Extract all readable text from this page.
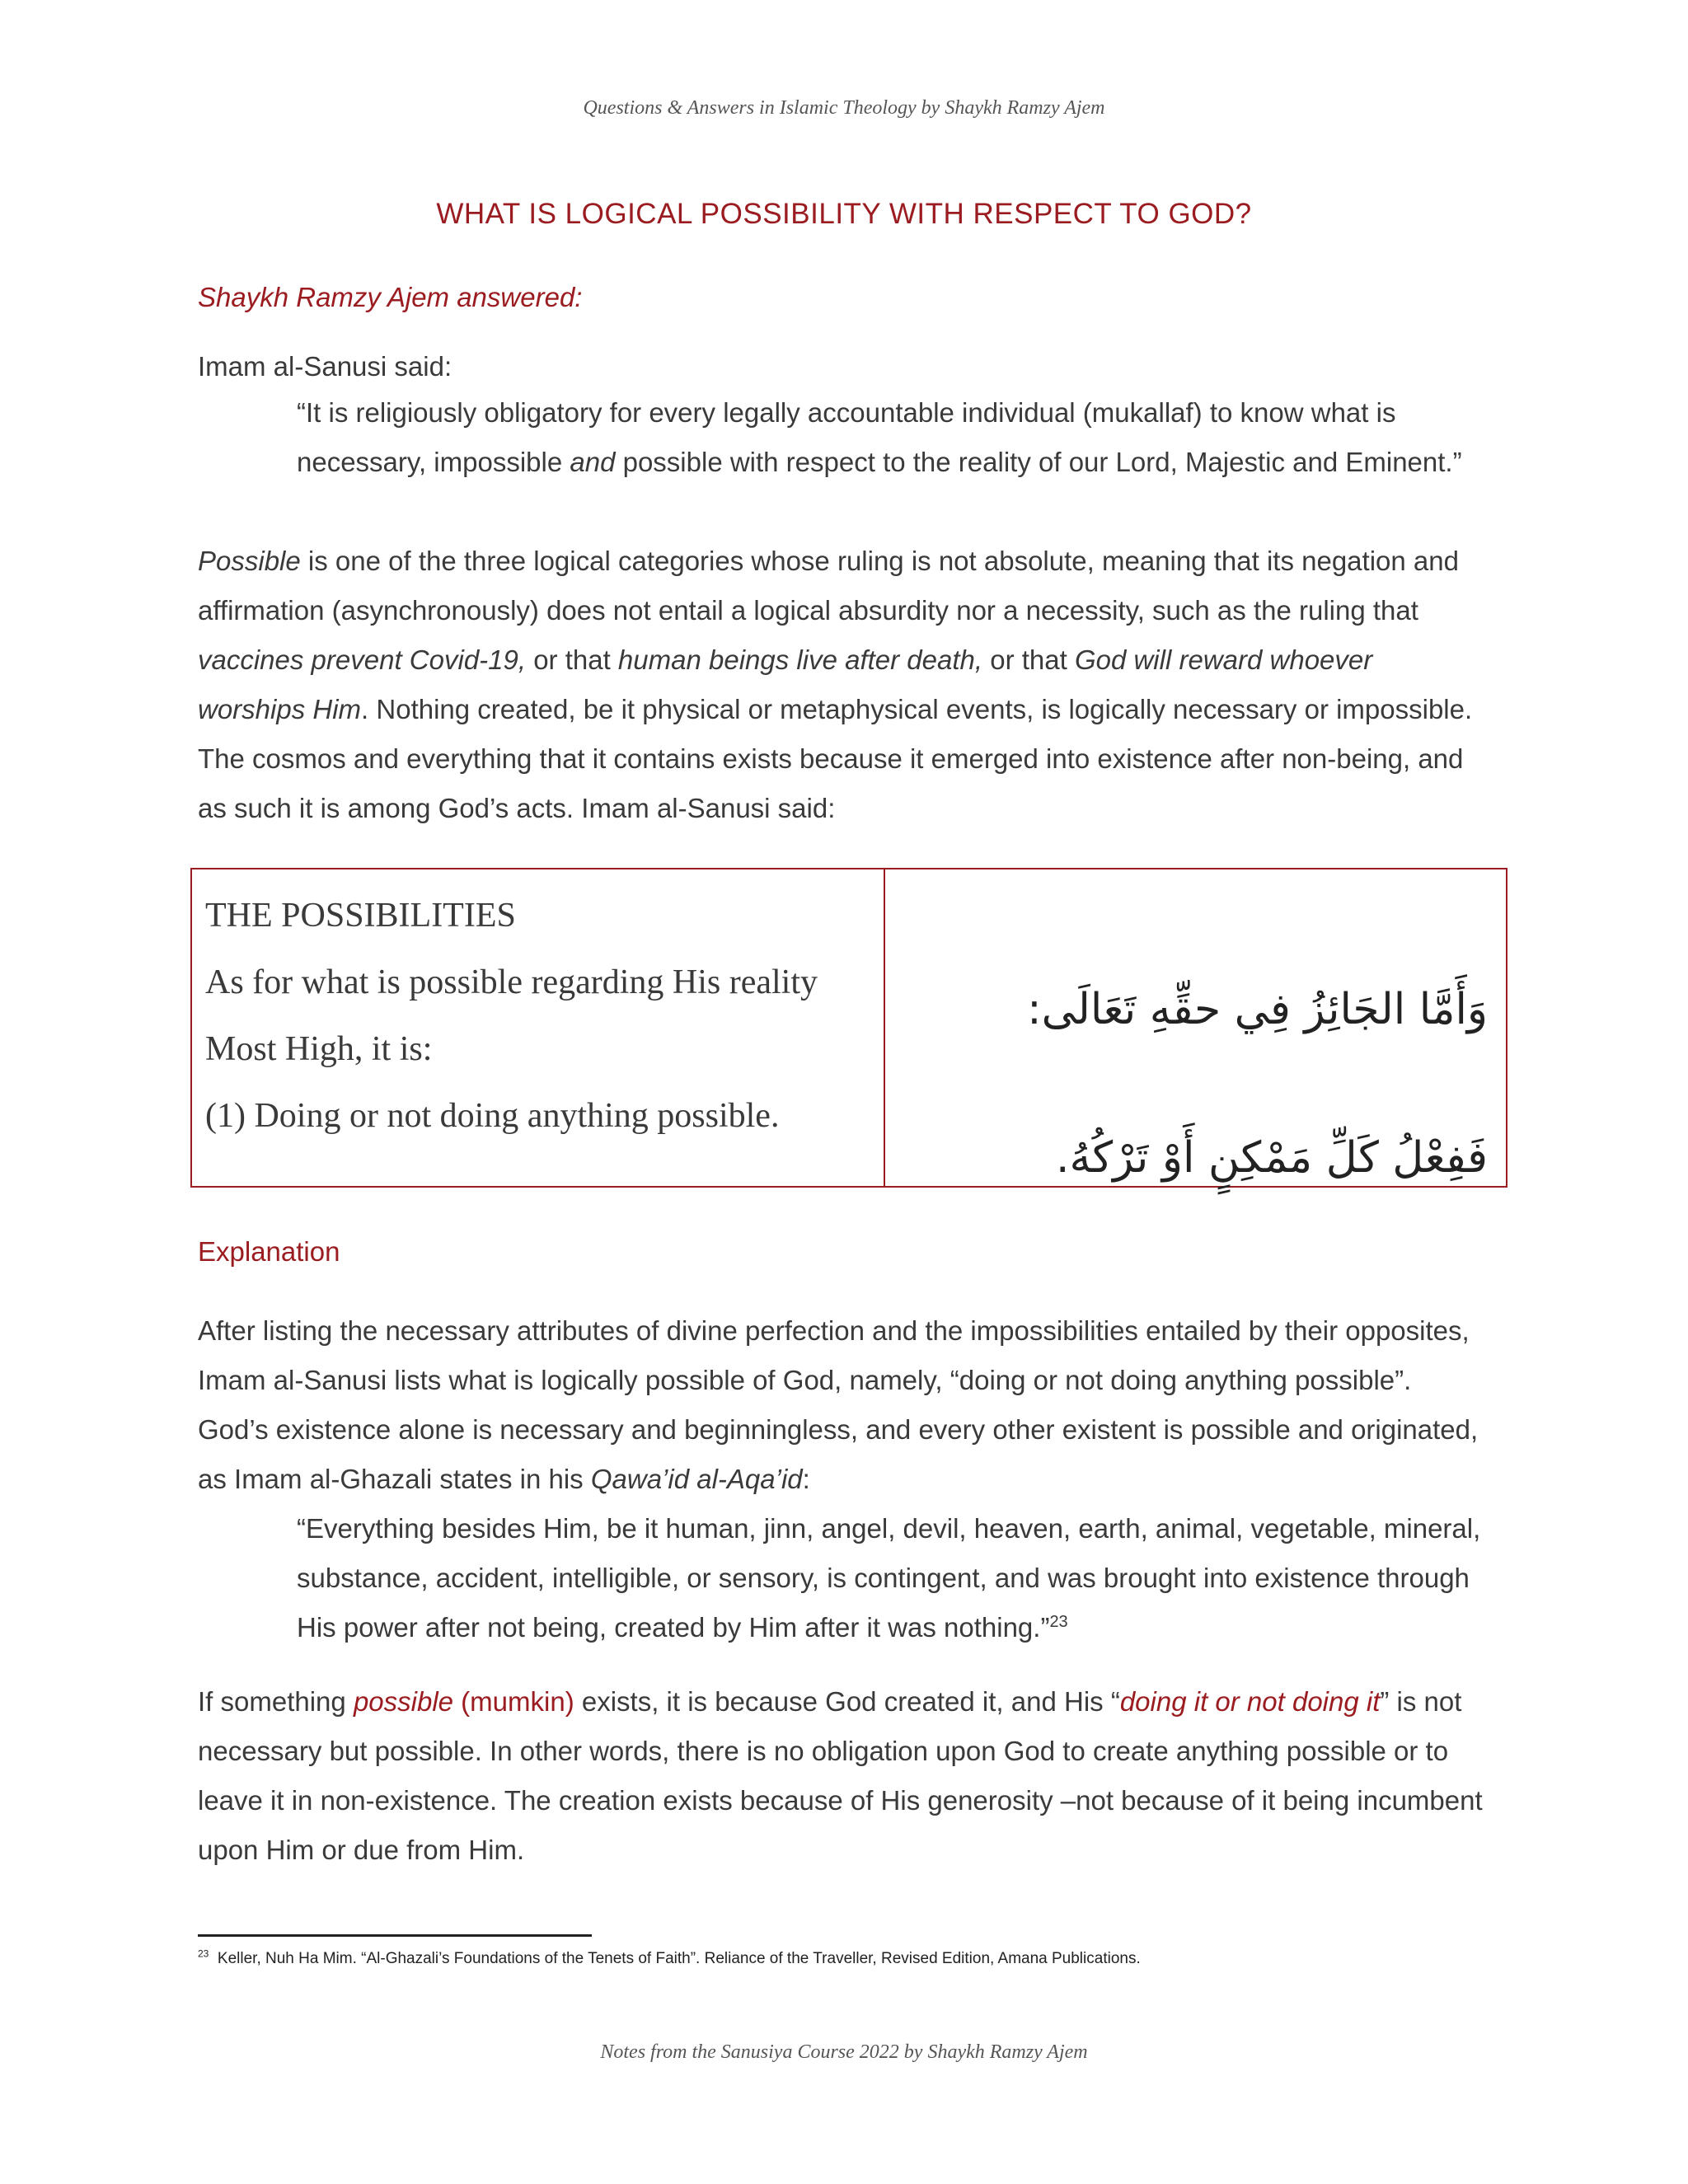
Questions & Answers in Islamic Theology by Shaykh Ramzy Ajem
WHAT IS LOGICAL POSSIBILITY WITH RESPECT TO GOD?
Shaykh Ramzy Ajem answered:
Imam al-Sanusi said:
“It is religiously obligatory for every legally accountable individual (mukallaf) to know what is necessary, impossible and possible with respect to the reality of our Lord, Majestic and Eminent.”
Possible is one of the three logical categories whose ruling is not absolute, meaning that its negation and affirmation (asynchronously) does not entail a logical absurdity nor a necessity, such as the ruling that vaccines prevent Covid-19, or that human beings live after death, or that God will reward whoever worships Him. Nothing created, be it physical or metaphysical events, is logically necessary or impossible. The cosmos and everything that it contains exists because it emerged into existence after non-being, and as such it is among God’s acts. Imam al-Sanusi said:
THE POSSIBILITIES
As for what is possible regarding His reality
Most High, it is:
(1) Doing or not doing anything possible.
وَأَمَّا الجَائِزُ فِي حقِّهِ تَعَالَى:
فَفِعْلُ كَلِّ مَمْكِنٍ أَوْ تَرْكُهُ.
Explanation
After listing the necessary attributes of divine perfection and the impossibilities entailed by their opposites, Imam al-Sanusi lists what is logically possible of God, namely, “doing or not doing anything possible”. God’s existence alone is necessary and beginningless, and every other existent is possible and originated, as Imam al-Ghazali states in his Qawa’id al-Aqa’id:
“Everything besides Him, be it human, jinn, angel, devil, heaven, earth, animal, vegetable, mineral, substance, accident, intelligible, or sensory, is contingent, and was brought into existence through His power after not being, created by Him after it was nothing.”$^{23}$
If something possible (mumkin) exists, it is because God created it, and His “doing it or not doing it” is not necessary but possible. In other words, there is no obligation upon God to create anything possible or to leave it in non-existence. The creation exists because of His generosity –not because of it being incumbent upon Him or due from Him.
$^{23}$ Keller, Nuh Ha Mim. “Al-Ghazali’s Foundations of the Tenets of Faith”. Reliance of the Traveller, Revised Edition, Amana Publications.
Notes from the Sanusiya Course 2022 by Shaykh Ramzy Ajem
